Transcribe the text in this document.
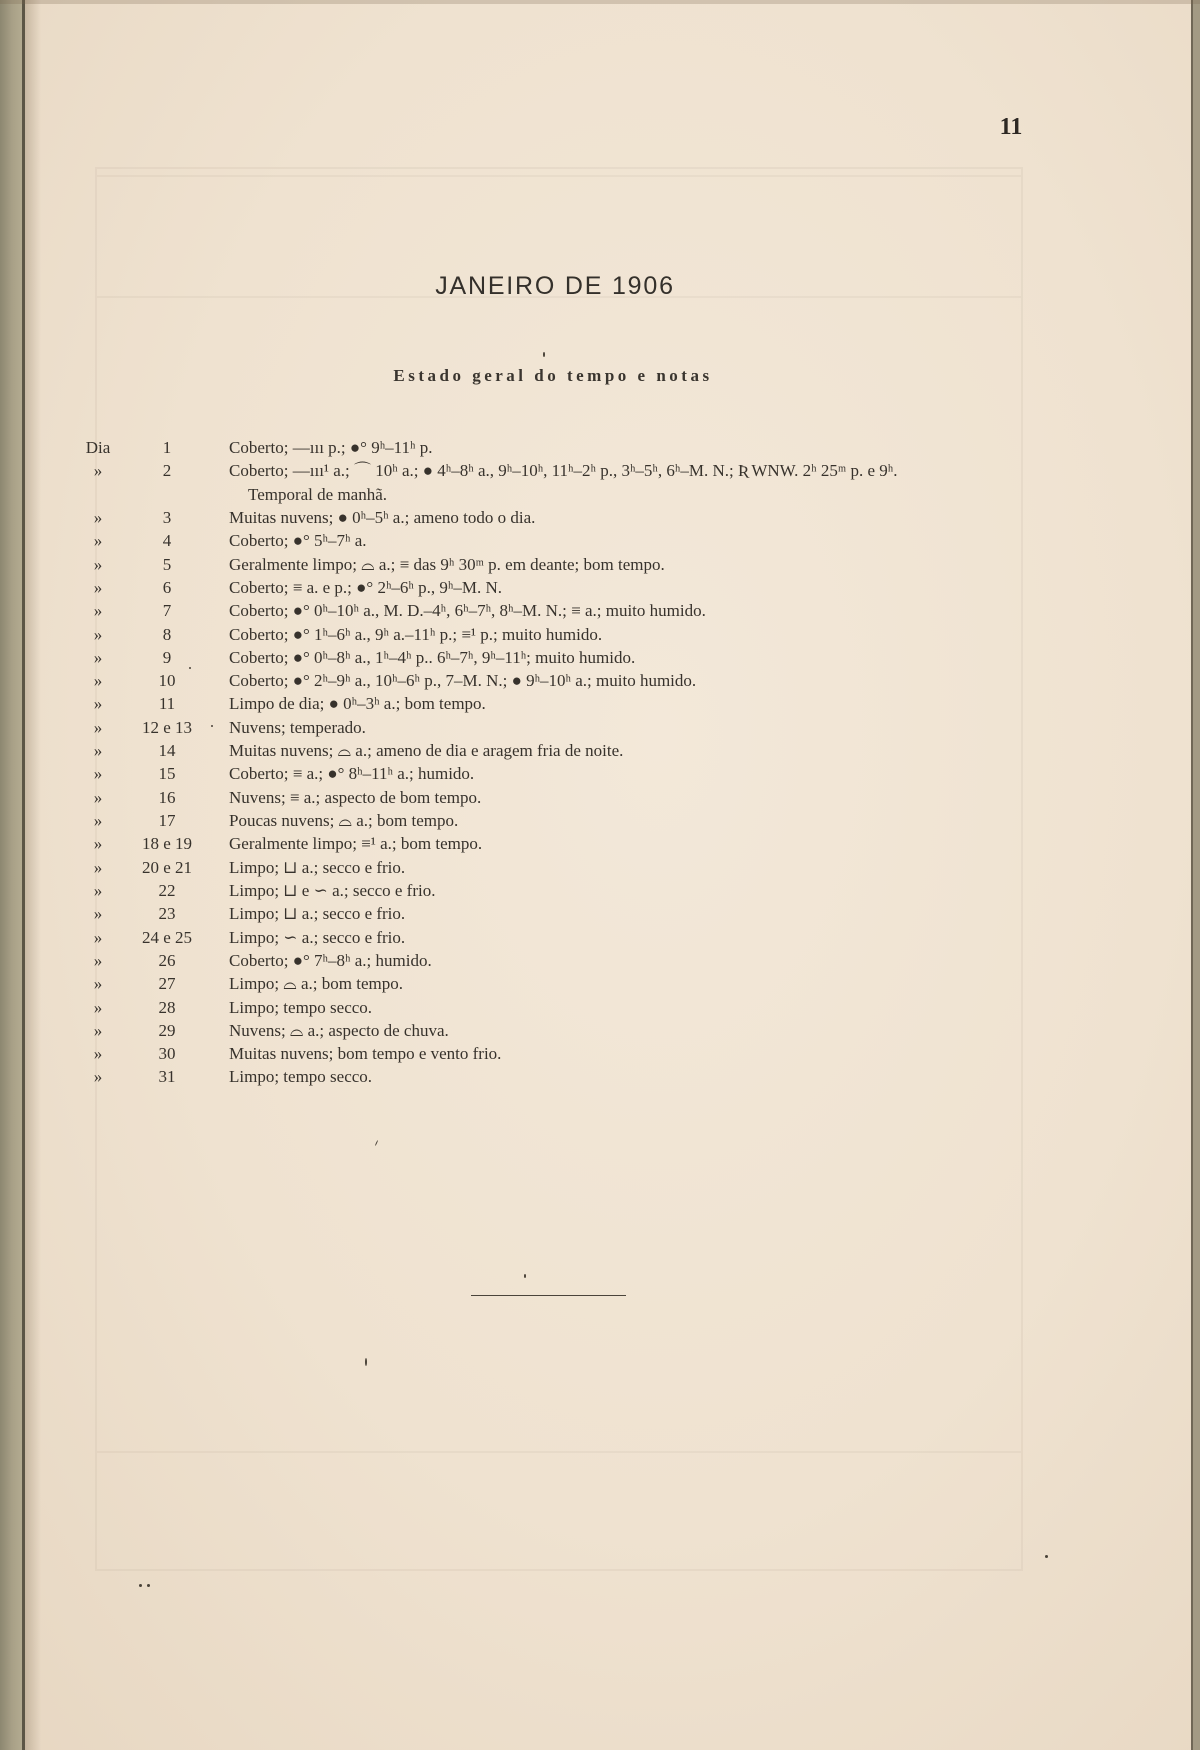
11
JANEIRO DE 1906
Estado geral do tempo e notas
Dia	1	Coberto; —ııı p.; ●° 9ʰ–11ʰ p.
»	2	Coberto; —ııı¹ a.; ⌒ 10ʰ a.; ● 4ʰ–8ʰ a., 9ʰ–10ʰ, 11ʰ–2ʰ p., 3ʰ–5ʰ, 6ʰ–M. N.; Ʀ WNW. 2ʰ 25ᵐ p. e 9ʰ.
Temporal de manhã.
»	3	Muitas nuvens; ● 0ʰ–5ʰ a.; ameno todo o dia.
»	4	Coberto; ●° 5ʰ–7ʰ a.
»	5	Geralmente limpo; ⌓ a.; ≡ das 9ʰ 30ᵐ p. em deante; bom tempo.
»	6	Coberto; ≡ a. e p.; ●° 2ʰ–6ʰ p., 9ʰ–M. N.
»	7	Coberto; ●° 0ʰ–10ʰ a., M. D.–4ʰ, 6ʰ–7ʰ, 8ʰ–M. N.; ≡ a.; muito humido.
»	8	Coberto; ●° 1ʰ–6ʰ a., 9ʰ a.–11ʰ p.; ≡¹ p.; muito humido.
»	9	Coberto; ●° 0ʰ–8ʰ a., 1ʰ–4ʰ p.. 6ʰ–7ʰ, 9ʰ–11ʰ; muito humido.
»	10	Coberto; ●° 2ʰ–9ʰ a., 10ʰ–6ʰ p., 7–M. N.; ● 9ʰ–10ʰ a.; muito humido.
»	11	Limpo de dia; ● 0ʰ–3ʰ a.; bom tempo.
»	12 e 13	Nuvens; temperado.
»	14	Muitas nuvens; ⌓ a.; ameno de dia e aragem fria de noite.
»	15	Coberto; ≡ a.; ●° 8ʰ–11ʰ a.; humido.
»	16	Nuvens; ≡ a.; aspecto de bom tempo.
»	17	Poucas nuvens; ⌓ a.; bom tempo.
»	18 e 19	Geralmente limpo; ≡¹ a.; bom tempo.
»	20 e 21	Limpo; ⊔ a.; secco e frio.
»	22	Limpo; ⊔ e ∽ a.; secco e frio.
»	23	Limpo; ⊔ a.; secco e frio.
»	24 e 25	Limpo; ∽ a.; secco e frio.
»	26	Coberto; ●° 7ʰ–8ʰ a.; humido.
»	27	Limpo; ⌓ a.; bom tempo.
»	28	Limpo; tempo secco.
»	29	Nuvens; ⌓ a.; aspecto de chuva.
»	30	Muitas nuvens; bom tempo e vento frio.
»	31	Limpo; tempo secco.
